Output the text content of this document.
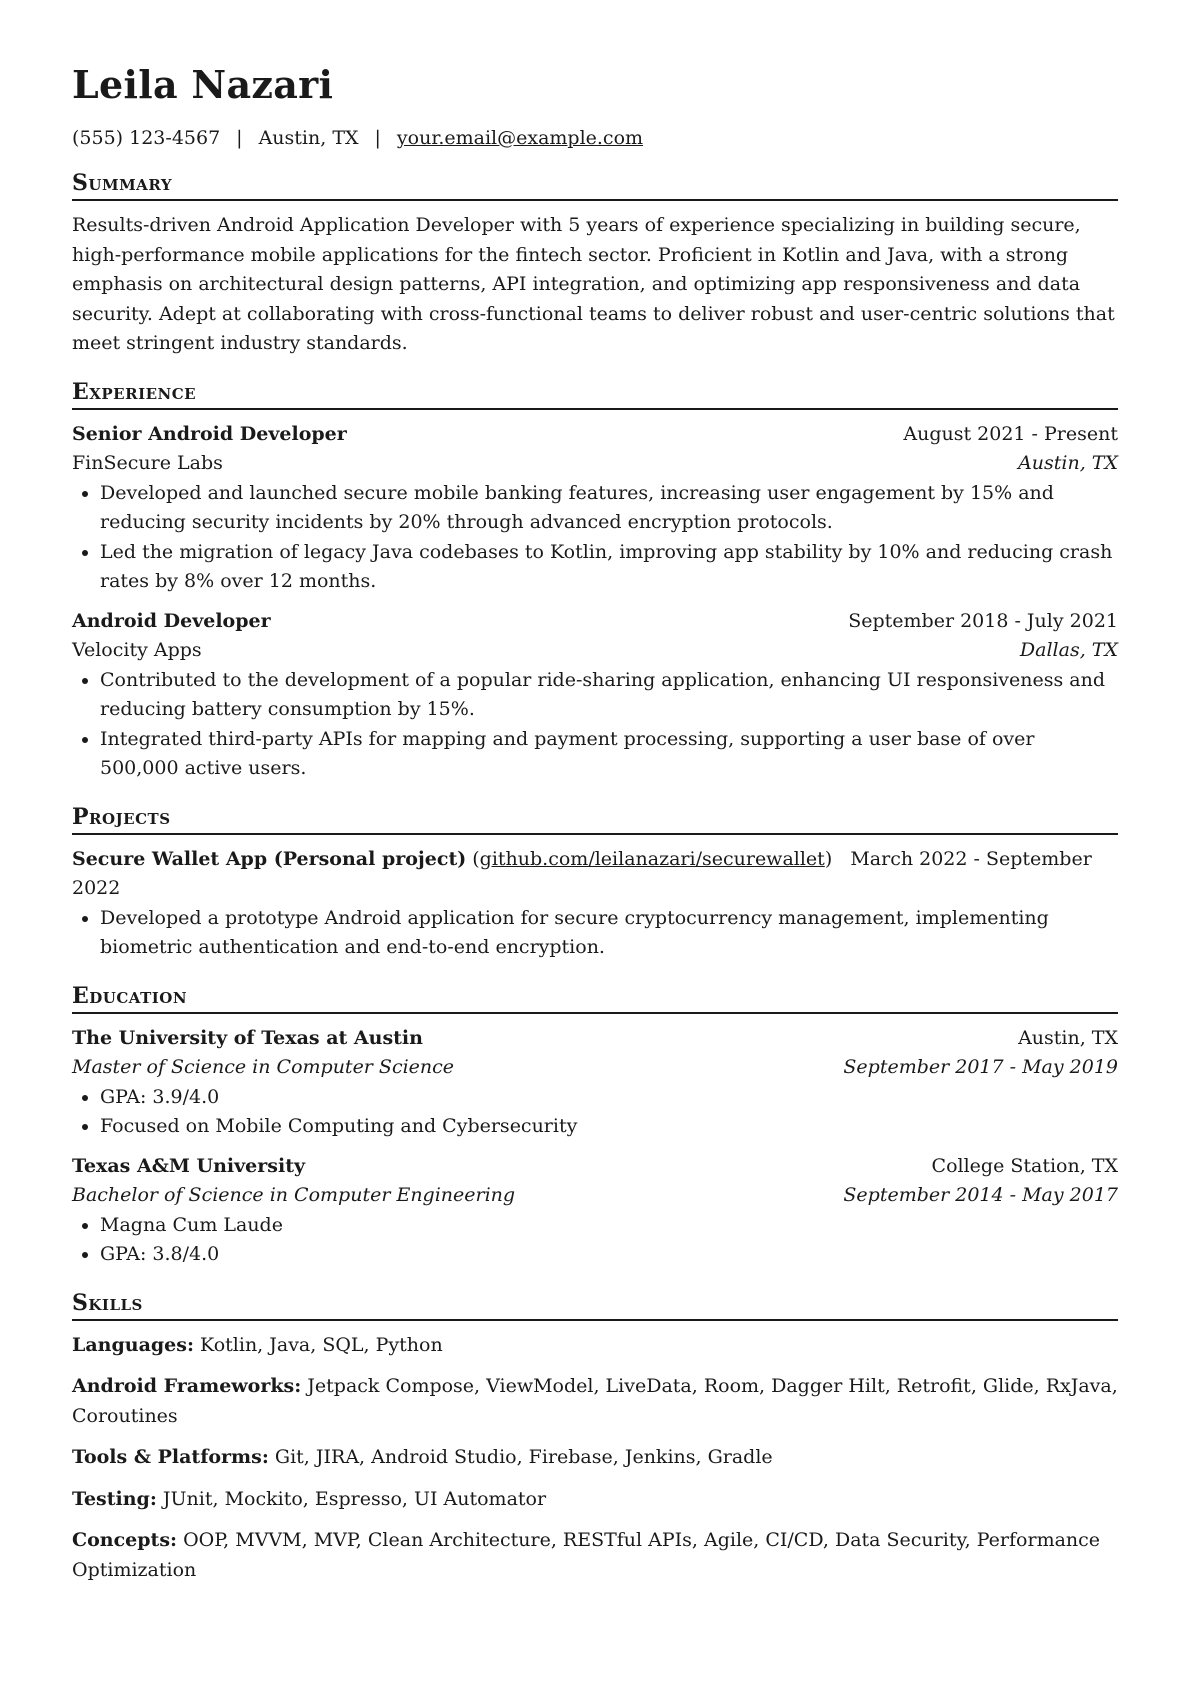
Leila Nazari
(555) 123-4567 | Austin, TX | your.email@example.com
Summary

Results-driven Android Application Developer with 5 years of experience specializing in building secure, high-performance mobile applications for the fintech sector. Proficient in Kotlin and Java, with a strong emphasis on architectural design patterns, API integration, and optimizing app responsiveness and data security. Adept at collaborating with cross-functional teams to deliver robust and user-centric solutions that meet stringent industry standards.

Experience
Senior Android Developer	August 2021 - Present
FinSecure Labs	Austin, TX
• Developed and launched secure mobile banking features, increasing user engagement by 15% and reducing security incidents by 20% through advanced encryption protocols.
• Led the migration of legacy Java codebases to Kotlin, improving app stability by 10% and reducing crash rates by 8% over 12 months.
Android Developer	September 2018 - July 2021
Velocity Apps	Dallas, TX
• Contributed to the development of a popular ride-sharing application, enhancing UI responsiveness and reducing battery consumption by 15%.
• Integrated third-party APIs for mapping and payment processing, supporting a user base of over 500,000 active users.
Projects
Secure Wallet App (Personal project) (github.com/leilanazari/securewallet)   March 2022 - September 2022
• Developed a prototype Android application for secure cryptocurrency management, implementing biometric authentication and end-to-end encryption.
Education
The University of Texas at Austin	Austin, TX
Master of Science in Computer Science	September 2017 - May 2019
• GPA: 3.9/4.0
• Focused on Mobile Computing and Cybersecurity
Texas A&M University	College Station, TX
Bachelor of Science in Computer Engineering	September 2014 - May 2017
• Magna Cum Laude
• GPA: 3.8/4.0
Skills
Languages: Kotlin, Java, SQL, Python
Android Frameworks: Jetpack Compose, ViewModel, LiveData, Room, Dagger Hilt, Retrofit, Glide, RxJava, Coroutines
Tools & Platforms: Git, JIRA, Android Studio, Firebase, Jenkins, Gradle
Testing: JUnit, Mockito, Espresso, UI Automator
Concepts: OOP, MVVM, MVP, Clean Architecture, RESTful APIs, Agile, CI/CD, Data Security, Performance Optimization
